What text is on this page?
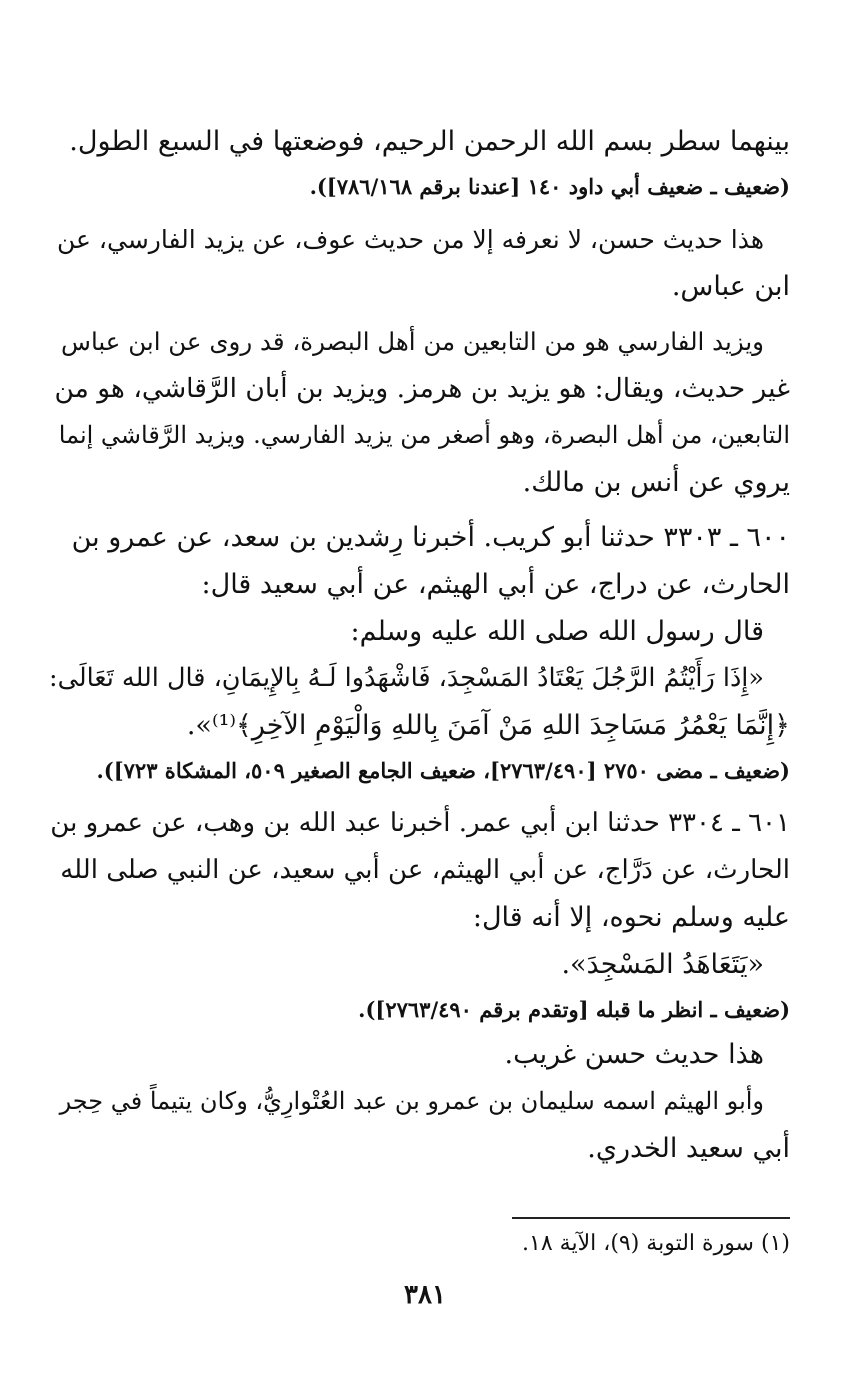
بينهما سطر بسم الله الرحمن الرحيم، فوضعتها في السبع الطول.

(ضعيف ـ ضعيف أبي داود ١٤٠ [عندنا برقم ٧٨٦/١٦٨]).

هذا حديث حسن، لا نعرفه إلا من حديث عوف، عن يزيد الفارسي، عن

ابن عباس.

ويزيد الفارسي هو من التابعين من أهل البصرة، قد روى عن ابن عباس

غير حديث، ويقال: هو يزيد بن هرمز. ويزيد بن أبان الرَّقاشي، هو من

التابعين، من أهل البصرة، وهو أصغر من يزيد الفارسي. ويزيد الرَّقاشي إنما

يروي عن أنس بن مالك.

٦٠٠ ـ ٣٣٠٣ حدثنا أبو كريب. أخبرنا رِشدين بن سعد، عن عمرو بن

الحارث، عن دراج، عن أبي الهيثم، عن أبي سعيد قال:

قال رسول الله صلى الله عليه وسلم:

«إِذَا رَأَيْتُمُ الرَّجُلَ يَعْتَادُ المَسْجِدَ، فَاشْهَدُوا لَـهُ بِالإِيمَانِ، قال الله تَعَالَى:

﴿إِنَّمَا يَعْمُرُ مَسَاجِدَ اللهِ مَنْ آمَنَ بِاللهِ وَالْيَوْمِ الآخِرِ﴾⁽¹⁾».

(ضعيف ـ مضى ٢٧٥٠ [٢٧٦٣/٤٩٠]، ضعيف الجامع الصغير ٥٠٩، المشكاة ٧٢٣]).

٦٠١ ـ ٣٣٠٤ حدثنا ابن أبي عمر. أخبرنا عبد الله بن وهب، عن عمرو بن

الحارث، عن دَرَّاج، عن أبي الهيثم، عن أبي سعيد، عن النبي صلى الله

عليه وسلم نحوه، إلا أنه قال:

«يَتَعَاهَدُ المَسْجِدَ».

(ضعيف ـ انظر ما قبله [وتقدم برقم ٢٧٦٣/٤٩٠]).

هذا حديث حسن غريب.

وأبو الهيثم اسمه سليمان بن عمرو بن عبد العُتْوارِيُّ، وكان يتيماً في حِجر

أبي سعيد الخدري.

(١) سورة التوبة (٩)، الآية ١٨.
٣٨١
